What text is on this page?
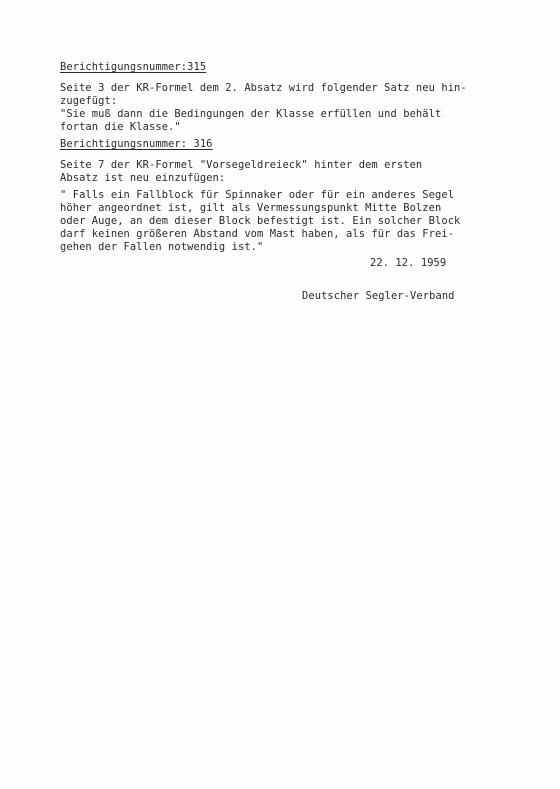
Berichtigungsnummer:315

Seite 3 der KR-Formel dem 2. Absatz wird folgender Satz neu hin-

zugefügt:

"Sie muß dann die Bedingungen der Klasse erfüllen und behält

fortan die Klasse."

Berichtigungsnummer: 316

Seite 7 der KR-Formel "Vorsegeldreieck" hinter dem ersten

Absatz ist neu einzufügen:

" Falls ein Fallblock für Spinnaker oder für ein anderes Segel

höher angeordnet ist, gilt als Vermessungspunkt Mitte Bolzen

oder Auge, an dem dieser Block befestigt ist. Ein solcher Block

darf keinen größeren Abstand vom Mast haben, als für das Frei-

gehen der Fallen notwendig ist."

22. 12. 1959
Deutscher Segler-Verband
